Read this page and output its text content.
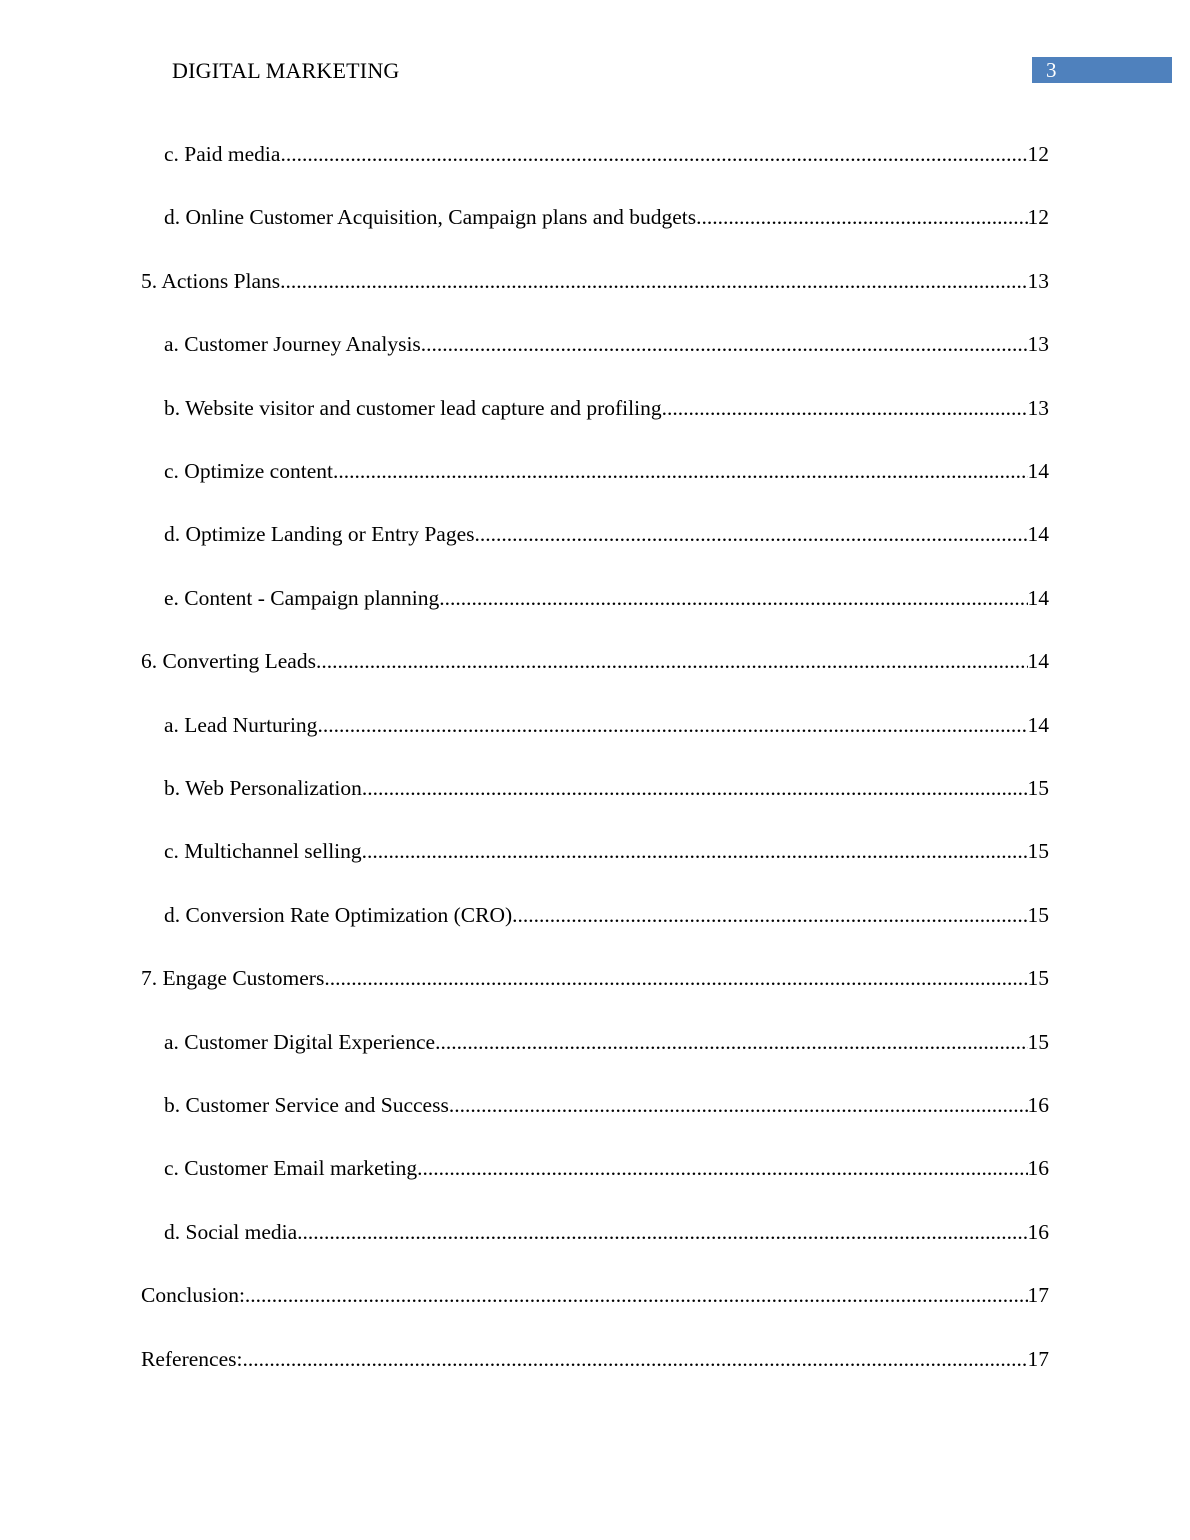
DIGITAL MARKETING	3
c. Paid media .....	12
d. Online Customer Acquisition, Campaign plans and budgets .....	12
5. Actions Plans .....	13
a. Customer Journey Analysis .....	13
b. Website visitor and customer lead capture and profiling .....	13
c. Optimize content .....	14
d. Optimize Landing or Entry Pages .....	14
e. Content - Campaign planning .....	14
6. Converting Leads .....	14
a. Lead Nurturing .....	14
b. Web Personalization .....	15
c. Multichannel selling .....	15
d. Conversion Rate Optimization (CRO) .....	15
7. Engage Customers .....	15
a. Customer Digital Experience .....	15
b. Customer Service and Success .....	16
c. Customer Email marketing .....	16
d. Social media .....	16
Conclusion: .....	17
References: .....	17
